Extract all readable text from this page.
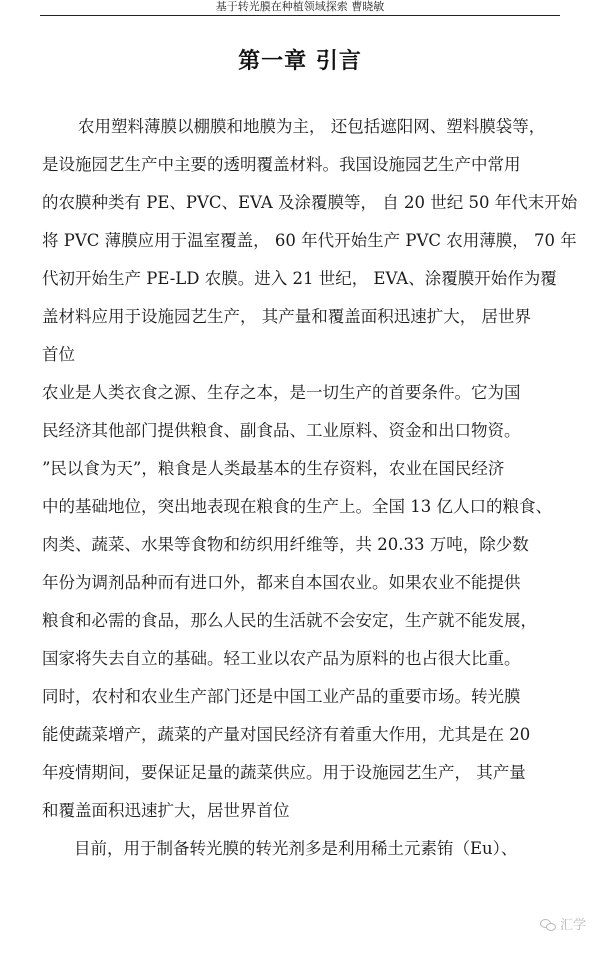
基于转光膜在种植领域探索 曹晓敏
第一章 引言
农用塑料薄膜以棚膜和地膜为主， 还包括遮阳网、塑料膜袋等，
是设施园艺生产中主要的透明覆盖材料。我国设施园艺生产中常用
的农膜种类有 PE、PVC、EVA 及涂覆膜等， 自 20 世纪 50 年代末开始
将 PVC 薄膜应用于温室覆盖， 60 年代开始生产 PVC 农用薄膜， 70 年
代初开始生产 PE-LD 农膜。进入 21 世纪， EVA、涂覆膜开始作为覆
盖材料应用于设施园艺生产， 其产量和覆盖面积迅速扩大， 居世界
首位
农业是人类衣食之源、生存之本，是一切生产的首要条件。它为国
民经济其他部门提供粮食、副食品、工业原料、资金和出口物资。
”民以食为天”，粮食是人类最基本的生存资料，农业在国民经济
中的基础地位，突出地表现在粮食的生产上。全国 13 亿人口的粮食、
肉类、蔬菜、水果等食物和纺织用纤维等，共 20.33 万吨，除少数
年份为调剂品种而有进口外，都来自本国农业。如果农业不能提供
粮食和必需的食品，那么人民的生活就不会安定，生产就不能发展，
国家将失去自立的基础。轻工业以农产品为原料的也占很大比重。
同时，农村和农业生产部门还是中国工业产品的重要市场。转光膜
能使蔬菜增产，蔬菜的产量对国民经济有着重大作用，尤其是在 20
年疫情期间，要保证足量的蔬菜供应。用于设施园艺生产， 其产量
和覆盖面积迅速扩大，居世界首位
目前，用于制备转光膜的转光剂多是利用稀土元素铕（Eu）、
汇学
